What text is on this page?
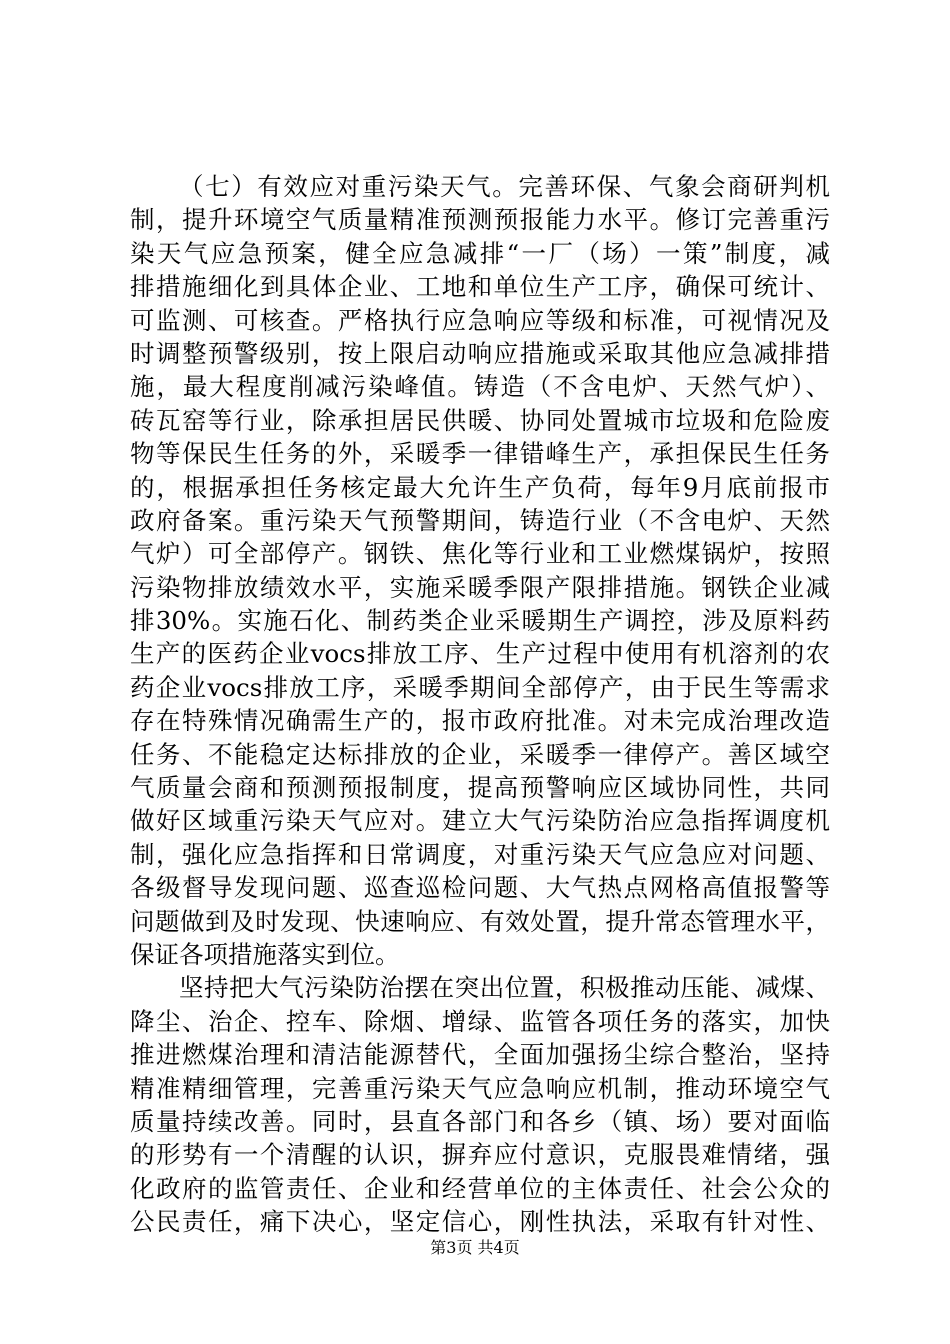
（七）有效应对重污染天气。完善环保、气象会商研判机
制，提升环境空气质量精准预测预报能力水平。修订完善重污
染天气应急预案，健全应急减排“一厂（场）一策”制度，减
排措施细化到具体企业、工地和单位生产工序，确保可统计、
可监测、可核查。严格执行应急响应等级和标准，可视情况及
时调整预警级别，按上限启动响应措施或采取其他应急减排措
施，最大程度削减污染峰值。铸造（不含电炉、天然气炉）、
砖瓦窑等行业，除承担居民供暖、协同处置城市垃圾和危险废
物等保民生任务的外，采暖季一律错峰生产，承担保民生任务
的，根据承担任务核定最大允许生产负荷，每年9月底前报市
政府备案。重污染天气预警期间，铸造行业（不含电炉、天然
气炉）可全部停产。钢铁、焦化等行业和工业燃煤锅炉，按照
污染物排放绩效水平，实施采暖季限产限排措施。钢铁企业减
排30%。实施石化、制药类企业采暖期生产调控，涉及原料药
生产的医药企业vocs排放工序、生产过程中使用有机溶剂的农
药企业vocs排放工序，采暖季期间全部停产，由于民生等需求
存在特殊情况确需生产的，报市政府批准。对未完成治理改造
任务、不能稳定达标排放的企业，采暖季一律停产。善区域空
气质量会商和预测预报制度，提高预警响应区域协同性，共同
做好区域重污染天气应对。建立大气污染防治应急指挥调度机
制，强化应急指挥和日常调度，对重污染天气应急应对问题、
各级督导发现问题、巡查巡检问题、大气热点网格高值报警等
问题做到及时发现、快速响应、有效处置，提升常态管理水平，
保证各项措施落实到位。
坚持把大气污染防治摆在突出位置，积极推动压能、减煤、
降尘、治企、控车、除烟、增绿、监管各项任务的落实，加快
推进燃煤治理和清洁能源替代，全面加强扬尘综合整治，坚持
精准精细管理，完善重污染天气应急响应机制，推动环境空气
质量持续改善。同时，县直各部门和各乡（镇、场）要对面临
的形势有一个清醒的认识，摒弃应付意识，克服畏难情绪，强
化政府的监管责任、企业和经营单位的主体责任、社会公众的
公民责任，痛下决心，坚定信心，刚性执法，采取有针对性、
第3页 共4页
